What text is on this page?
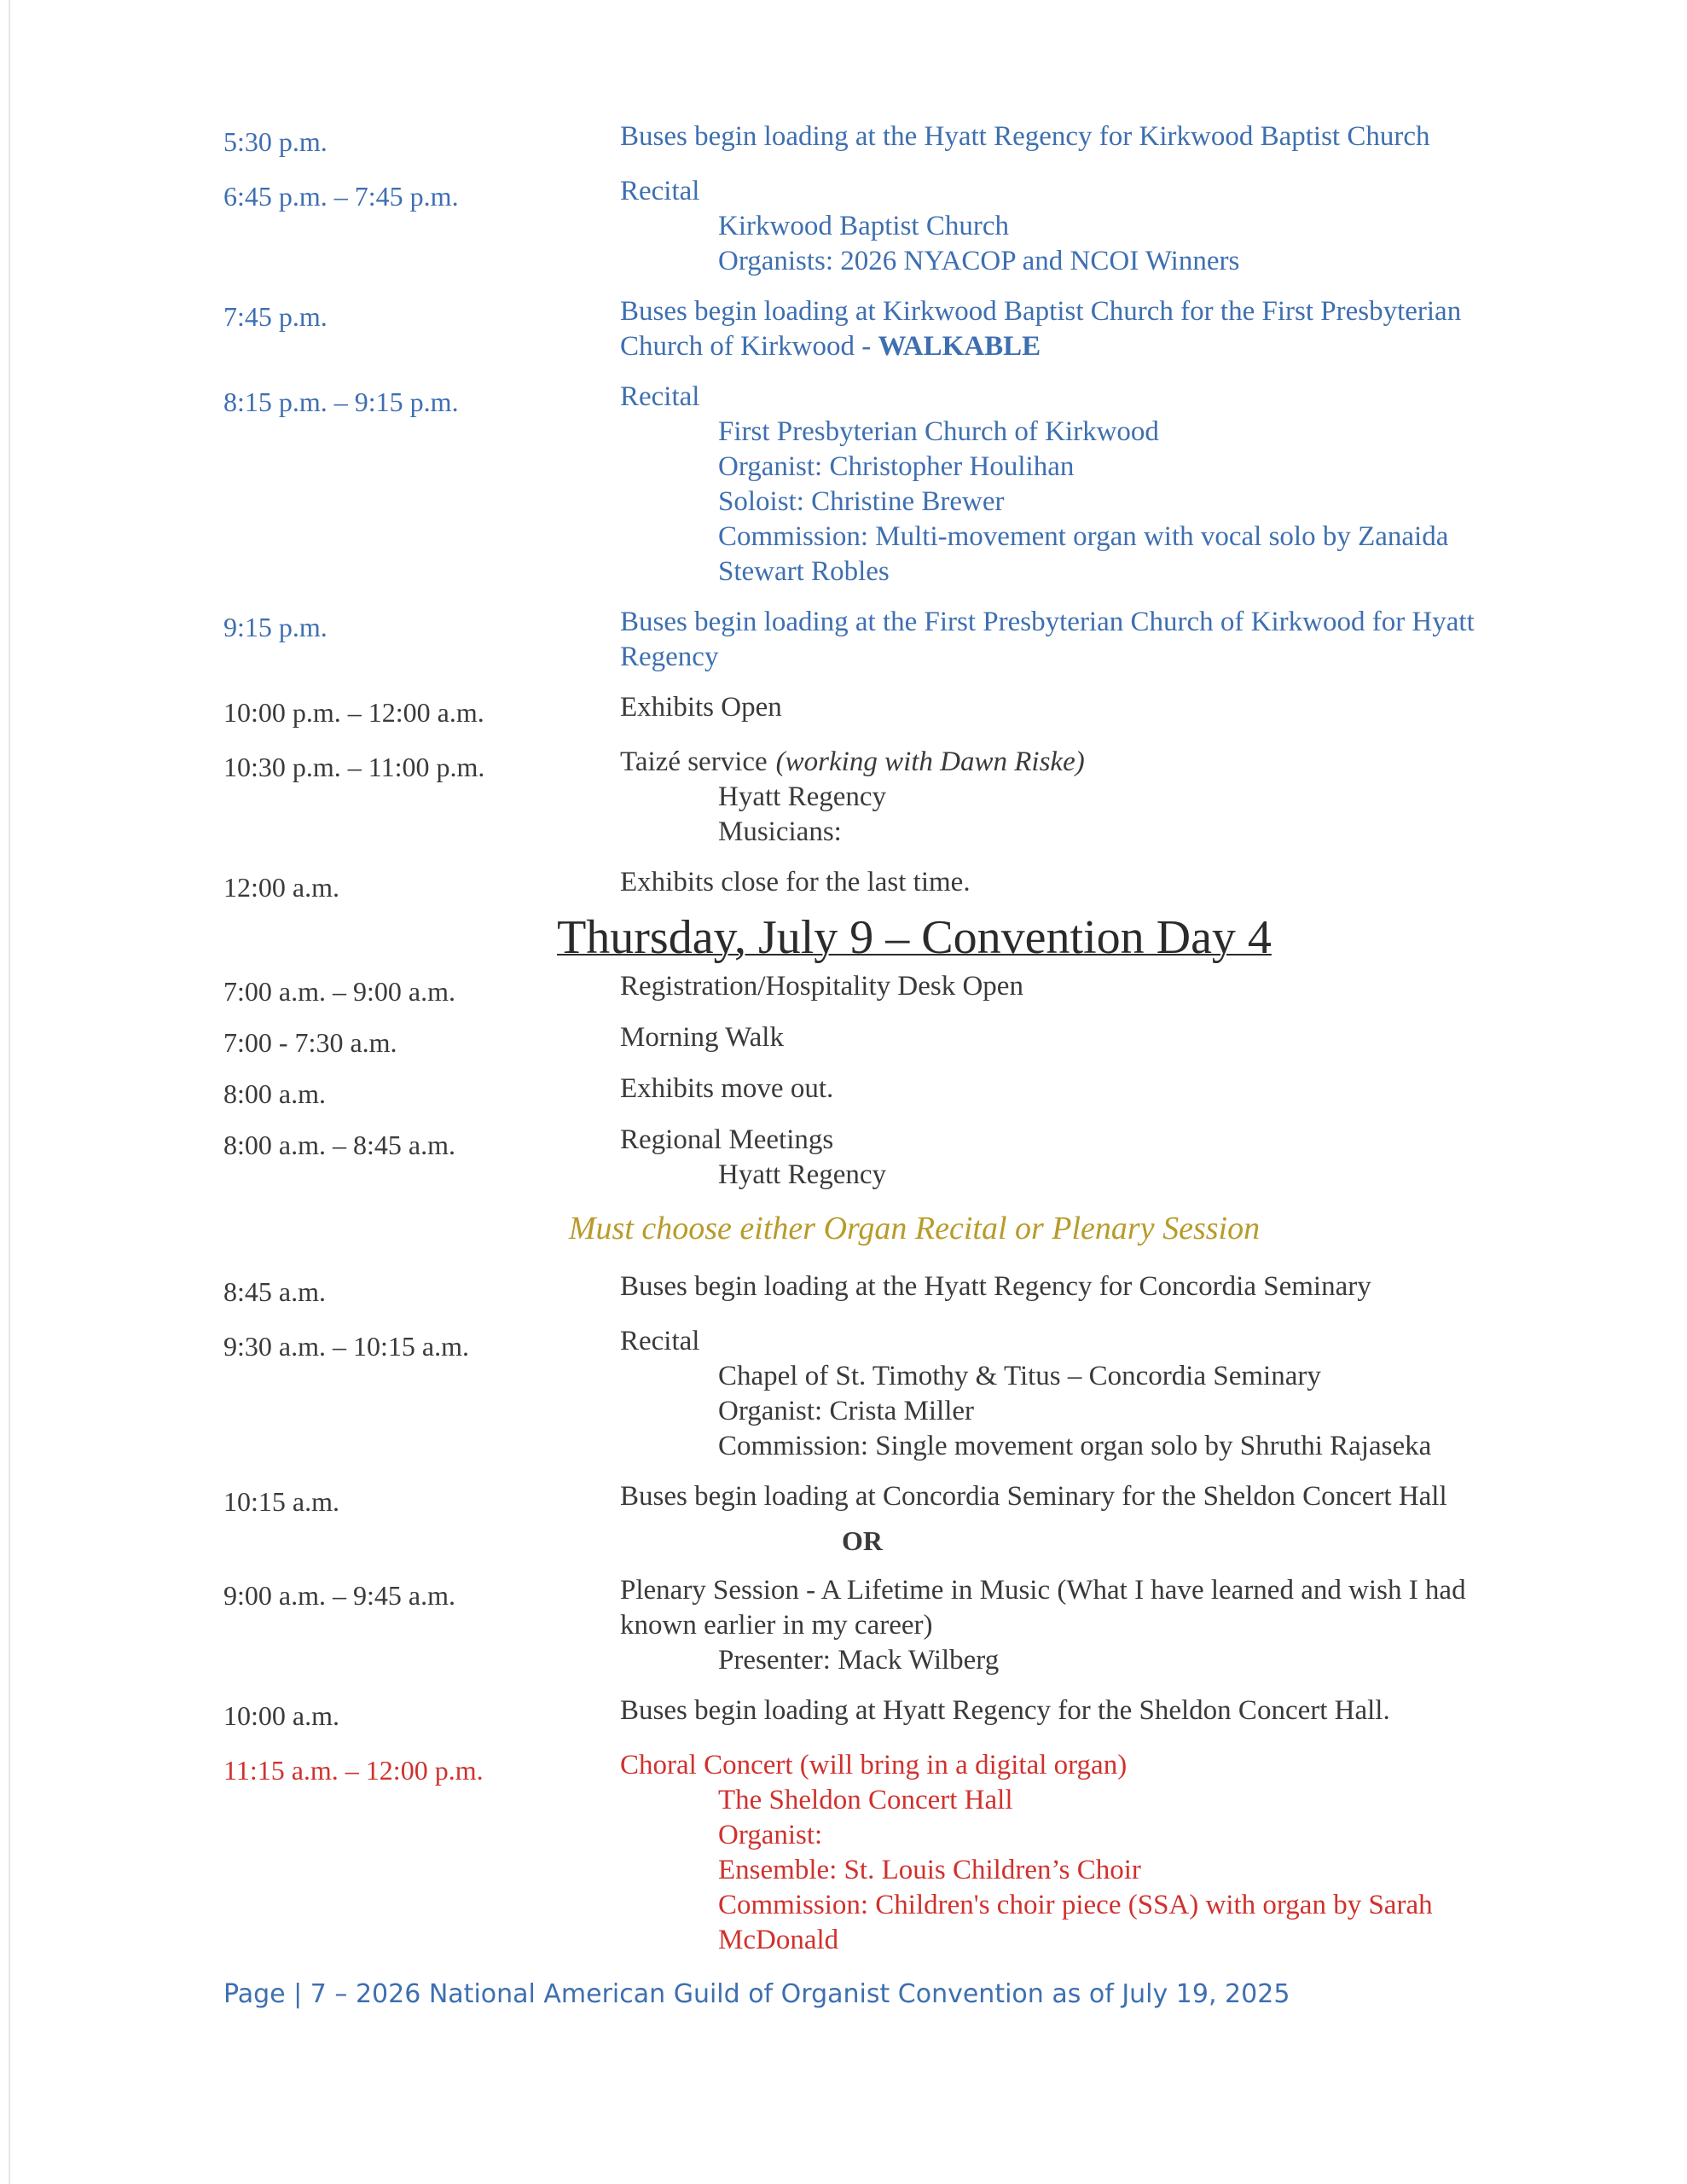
5:30 p.m.	Buses begin loading at the Hyatt Regency for Kirkwood Baptist Church
6:45 p.m. – 7:45 p.m.	Recital
Kirkwood Baptist Church
Organists: 2026 NYACOP and NCOI Winners
7:45 p.m.	Buses begin loading at Kirkwood Baptist Church for the First Presbyterian Church of Kirkwood - WALKABLE
8:15 p.m. – 9:15 p.m.	Recital
First Presbyterian Church of Kirkwood
Organist: Christopher Houlihan
Soloist: Christine Brewer
Commission: Multi-movement organ with vocal solo by Zanaida Stewart Robles
9:15 p.m.	Buses begin loading at the First Presbyterian Church of Kirkwood for Hyatt Regency
10:00 p.m. – 12:00 a.m.	Exhibits Open
10:30 p.m. – 11:00 p.m.	Taizé service (working with Dawn Riske)
Hyatt Regency
Musicians:
12:00 a.m.	Exhibits close for the last time.
Thursday, July 9 – Convention Day 4
7:00 a.m. – 9:00 a.m.	Registration/Hospitality Desk Open
7:00 - 7:30 a.m.	Morning Walk
8:00 a.m.	Exhibits move out.
8:00 a.m. – 8:45 a.m.	Regional Meetings
Hyatt Regency
Must choose either Organ Recital or Plenary Session
8:45 a.m.	Buses begin loading at the Hyatt Regency for Concordia Seminary
9:30 a.m. – 10:15 a.m.	Recital
Chapel of St. Timothy & Titus – Concordia Seminary
Organist: Crista Miller
Commission: Single movement organ solo by Shruthi Rajaseka
10:15 a.m.	Buses begin loading at Concordia Seminary for the Sheldon Concert Hall
OR
9:00 a.m. – 9:45 a.m.	Plenary Session - A Lifetime in Music (What I have learned and wish I had known earlier in my career)
Presenter: Mack Wilberg
10:00 a.m.	Buses begin loading at Hyatt Regency for the Sheldon Concert Hall.
11:15 a.m. – 12:00 p.m.	Choral Concert (will bring in a digital organ)
The Sheldon Concert Hall
Organist:
Ensemble: St. Louis Children’s Choir
Commission: Children's choir piece (SSA) with organ by Sarah McDonald
Page | 7 – 2026 National American Guild of Organist Convention as of July 19, 2025
